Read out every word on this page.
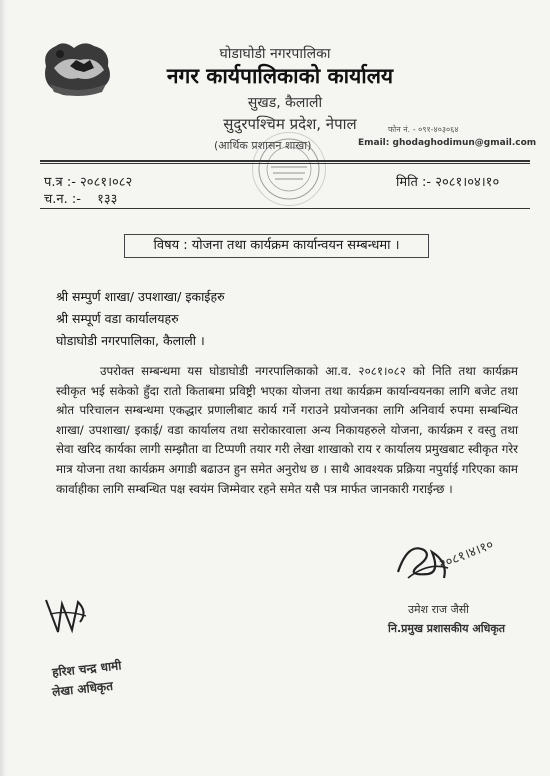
घोडाघोडी नगरपालिका
नगर कार्यपालिकाको कार्यालय
सुखड, कैलाली
सुदुरपश्चिम प्रदेश, नेपाल
(आर्थिक प्रशासन शाखा)
फोन नं. - ०९१-४०३०६४
Email: ghodaghodimun@gmail.com
प.त्र :- २०८१।०८२
च.न. :- १३३
मिति :- २०८१।०४।१०
विषय : योजना तथा कार्यक्रम कार्यान्वयन सम्बन्धमा ।
श्री सम्पुर्ण शाखा/ उपशाखा/ इकाईहरु
श्री सम्पूर्ण वडा कार्यालयहरु
घोडाघोडी नगरपालिका, कैलाली ।

उपरोक्त सम्बन्धमा यस घोडाघोडी नगरपालिकाको आ.व. २०८१।०८२ को निति तथा कार्यक्रम स्वीकृत भई सकेको हुँदा रातो किताबमा प्रविष्ट्री भएका योजना तथा कार्यक्रम कार्यान्वयनका लागि बजेट तथा श्रोत परिचालन सम्बन्धमा एकद्धार प्रणालीबाट कार्य गर्ने गराउने प्रयोजनका लागि अनिवार्य रुपमा सम्बन्धित शाखा/ उपशाखा/ इकाई/ वडा कार्यालय तथा सरोकारवाला अन्य निकायहरुले योजना, कार्यक्रम र वस्तु तथा सेवा खरिद कार्यका लागी सम्झौता वा टिप्पणी तयार गरी लेखा शाखाको राय र कार्यालय प्रमुखबाट स्वीकृत गरेर मात्र योजना तथा कार्यक्रम अगाडी बढाउन हुन समेत अनुरोध छ । साथै आवश्यक प्रक्रिया नपुर्याई गरिएका काम कार्वाहीका लागि सम्बन्धित पक्ष स्वयंम जिम्मेवार रहने समेत यसै पत्र मार्फत जानकारी गराईन्छ ।

२०८१।४।१०
उमेश राज जैसी
नि.प्रमुख प्रशासकीय अधिकृत
हरिश चन्द्र धामी
लेखा अधिकृत
